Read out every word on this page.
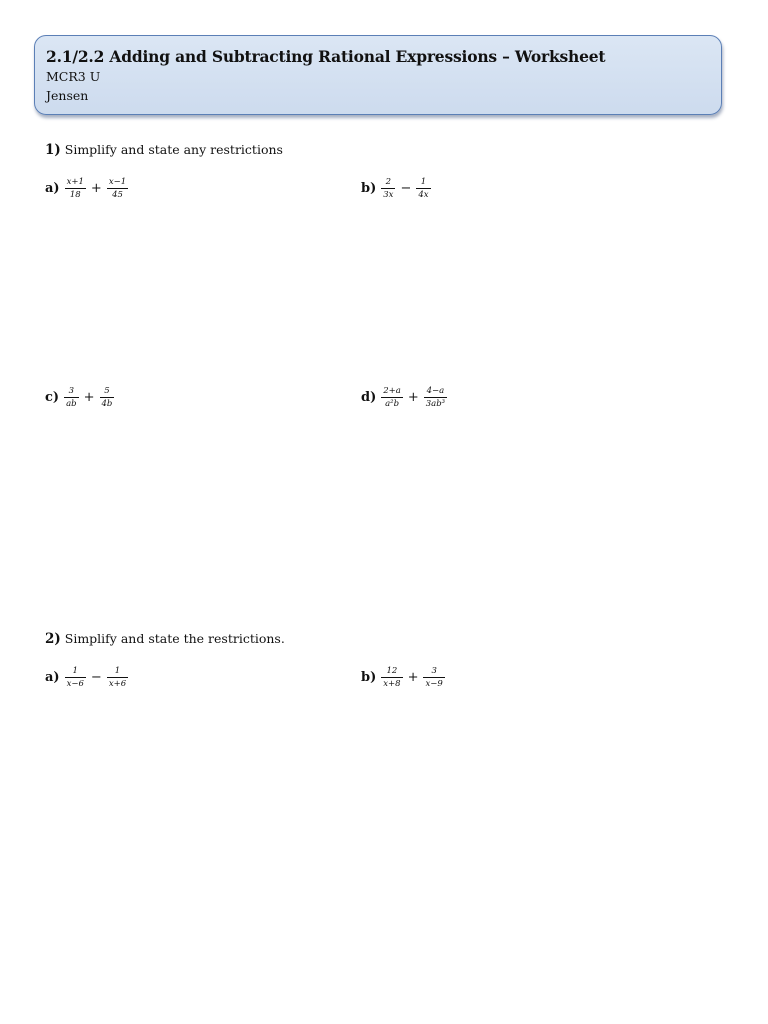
2.1/2.2 Adding and Subtracting Rational Expressions – Worksheet
MCR3 U
Jensen
1) Simplify and state any restrictions
$a) \frac{x+1}{18} + \frac{x-1}{45}$	$b) \frac{2}{3x} - \frac{1}{4x}$
$c) \frac{3}{ab} + \frac{5}{4b}$	$d) \frac{2+a}{\text{a²b}} + \frac{4-a}{\text{3ab³}}$
2) Simplify and state the restrictions.
$a) \frac{1}{x-6} - \frac{1}{x+6}$	$b) \frac{12}{x+8} + \frac{3}{x-9}$
